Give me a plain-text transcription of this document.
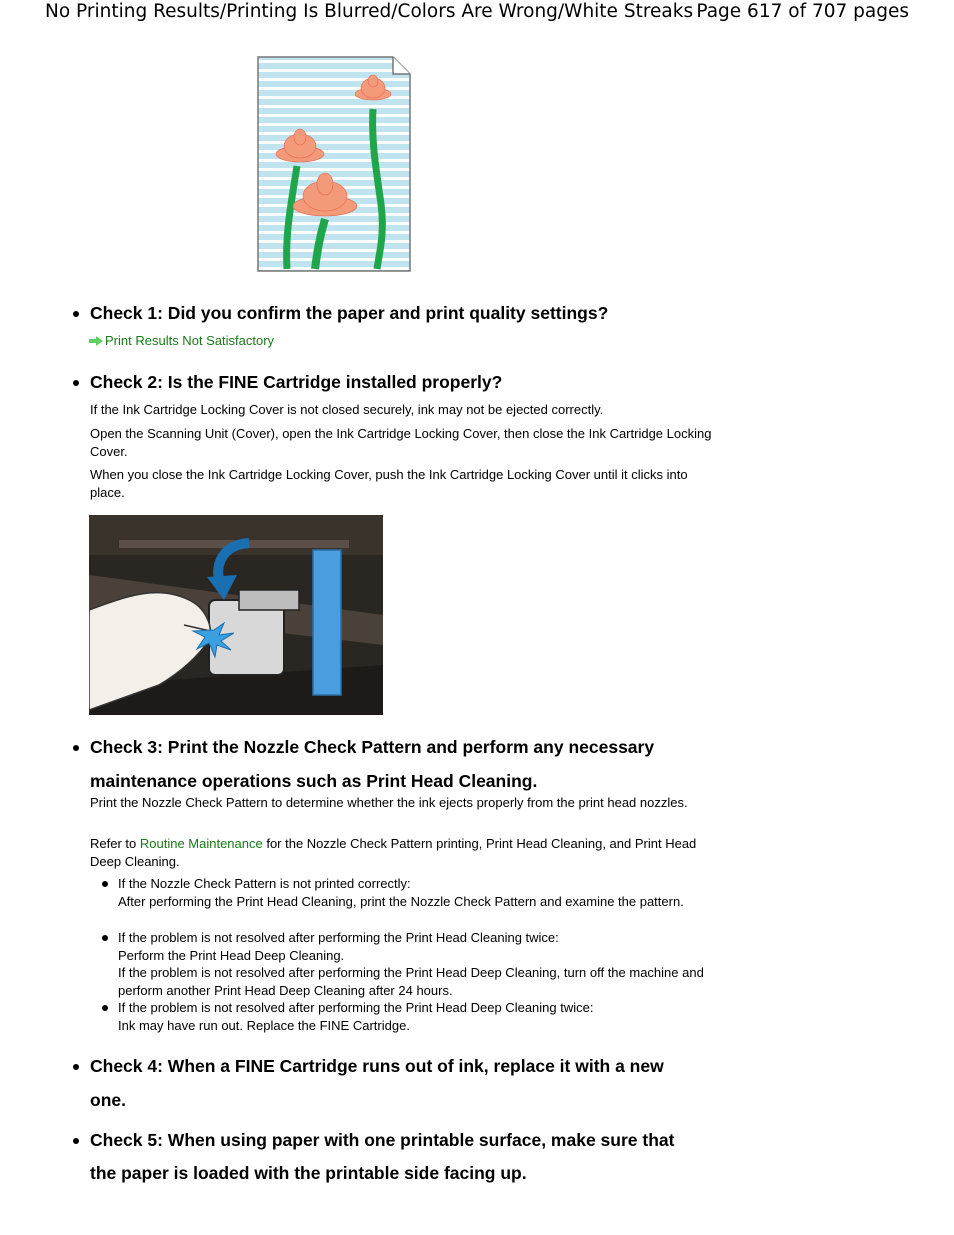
No Printing Results/Printing Is Blurred/Colors Are Wrong/White Streaks Page 617 of 707 pages
Check 1: Did you confirm the paper and print quality settings?
Print Results Not Satisfactory
Check 2: Is the FINE Cartridge installed properly?
If the Ink Cartridge Locking Cover is not closed securely, ink may not be ejected correctly.
Open the Scanning Unit (Cover), open the Ink Cartridge Locking Cover, then close the Ink Cartridge Locking Cover.
When you close the Ink Cartridge Locking Cover, push the Ink Cartridge Locking Cover until it clicks into place.
Check 3: Print the Nozzle Check Pattern and perform any necessary
maintenance operations such as Print Head Cleaning.
Print the Nozzle Check Pattern to determine whether the ink ejects properly from the print head nozzles.
Refer to Routine Maintenance for the Nozzle Check Pattern printing, Print Head Cleaning, and Print Head Deep Cleaning.
If the Nozzle Check Pattern is not printed correctly:
After performing the Print Head Cleaning, print the Nozzle Check Pattern and examine the pattern.
If the problem is not resolved after performing the Print Head Cleaning twice:
Perform the Print Head Deep Cleaning.
If the problem is not resolved after performing the Print Head Deep Cleaning, turn off the machine and perform another Print Head Deep Cleaning after 24 hours.
If the problem is not resolved after performing the Print Head Deep Cleaning twice:
Ink may have run out. Replace the FINE Cartridge.
Check 4: When a FINE Cartridge runs out of ink, replace it with a new
one.
Check 5: When using paper with one printable surface, make sure that
the paper is loaded with the printable side facing up.
